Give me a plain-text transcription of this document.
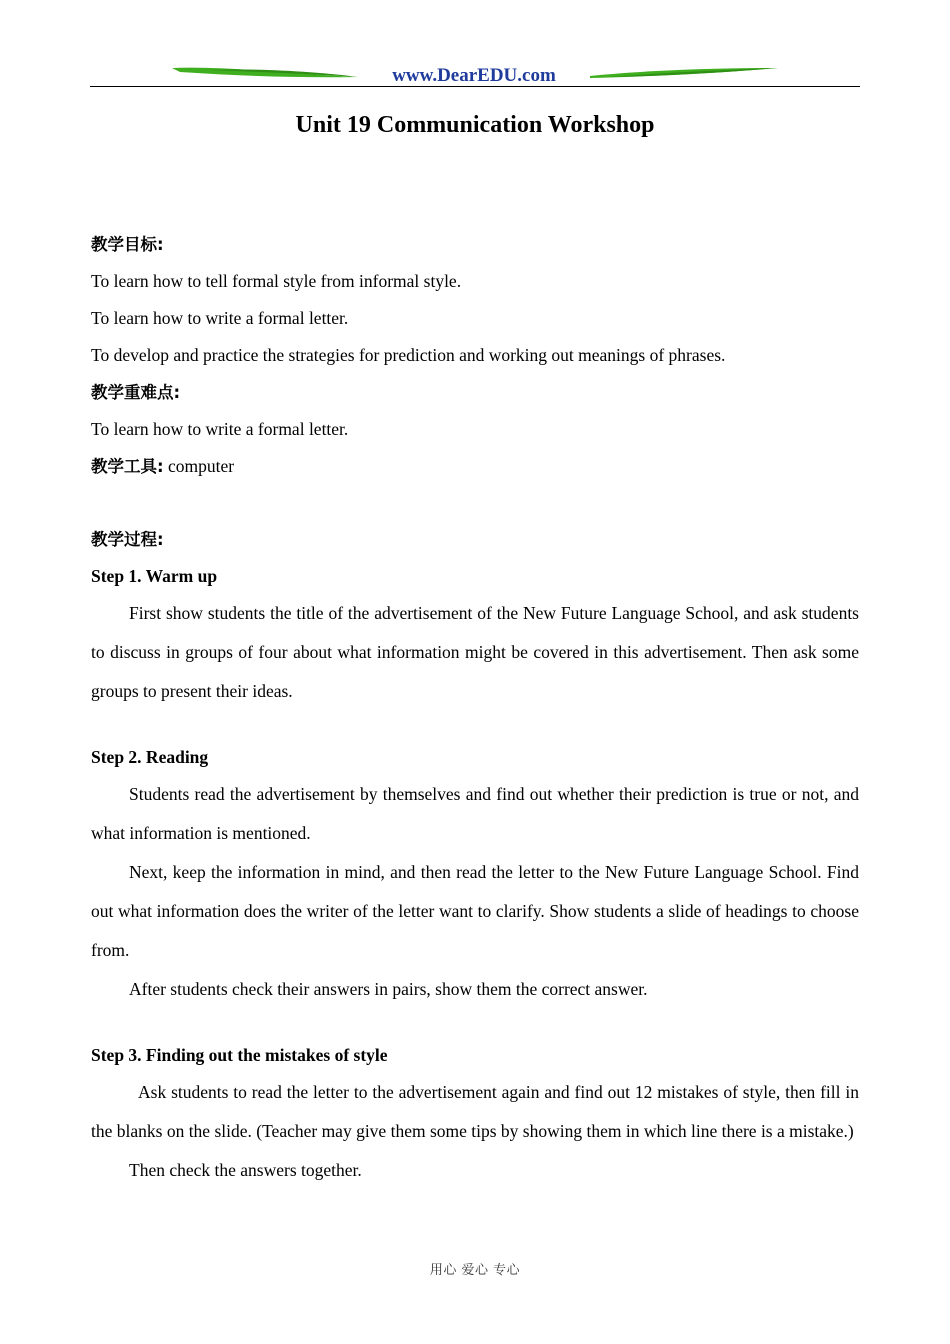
www.DearEDU.com
Unit 19 Communication Workshop

教学目标:

To learn how to tell formal style from informal style.

To learn how to write a formal letter.

To develop and practice the strategies for prediction and working out meanings of phrases.

教学重难点:

To learn how to write a formal letter.

教学工具: computer

教学过程:

Step 1. Warm up

First show students the title of the advertisement of the New Future Language School, and ask students to discuss in groups of four about what information might be covered in this advertisement. Then ask some groups to present their ideas.

Step 2. Reading

Students read the advertisement by themselves and find out whether their prediction is true or not, and what information is mentioned.

Next, keep the information in mind, and then read the letter to the New Future Language School. Find out what information does the writer of the letter want to clarify. Show students a slide of headings to choose from.

After students check their answers in pairs, show them the correct answer.

Step 3. Finding out the mistakes of style

Ask students to read the letter to the advertisement again and find out 12 mistakes of style, then fill in the blanks on the slide. (Teacher may give them some tips by showing them in which line there is a mistake.)

Then check the answers together.

用心 爱心 专心
